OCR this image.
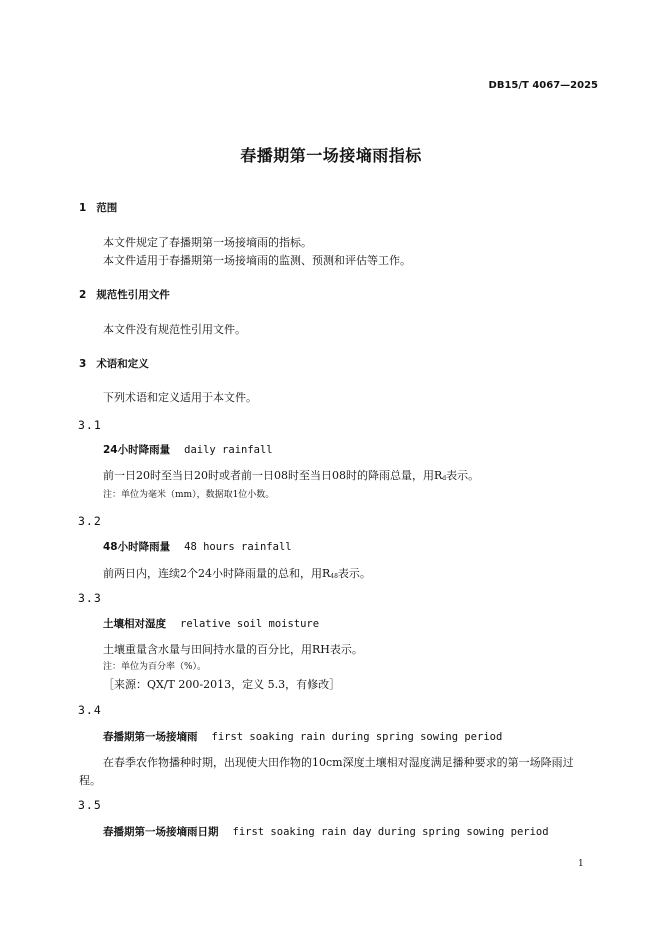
DB15/T 4067—2025
春播期第一场接墒雨指标
1 范围
本文件规定了春播期第一场接墒雨的指标。
本文件适用于春播期第一场接墒雨的监测、预测和评估等工作。
2 规范性引用文件
本文件没有规范性引用文件。
3 术语和定义
下列术语和定义适用于本文件。
3.1
24小时降雨量 daily rainfall
前一日20时至当日20时或者前一日08时至当日08时的降雨总量，用$R_d$表示。
注：单位为毫米（mm），数据取1位小数。
3.2
48小时降雨量 48 hours rainfall
前两日内，连续2个24小时降雨量的总和，用$R_{48}$表示。
3.3
土壤相对湿度 relative soil moisture
土壤重量含水量与田间持水量的百分比，用RH表示。
注：单位为百分率（%）。
［来源：QX/T 200-2013，定义 5.3，有修改］
3.4
春播期第一场接墒雨 first soaking rain during spring sowing period
在春季农作物播种时期，出现使大田作物的10cm深度土壤相对湿度满足播种要求的第一场降雨过
程。
3.5
春播期第一场接墒雨日期 first soaking rain day during spring sowing period
1
